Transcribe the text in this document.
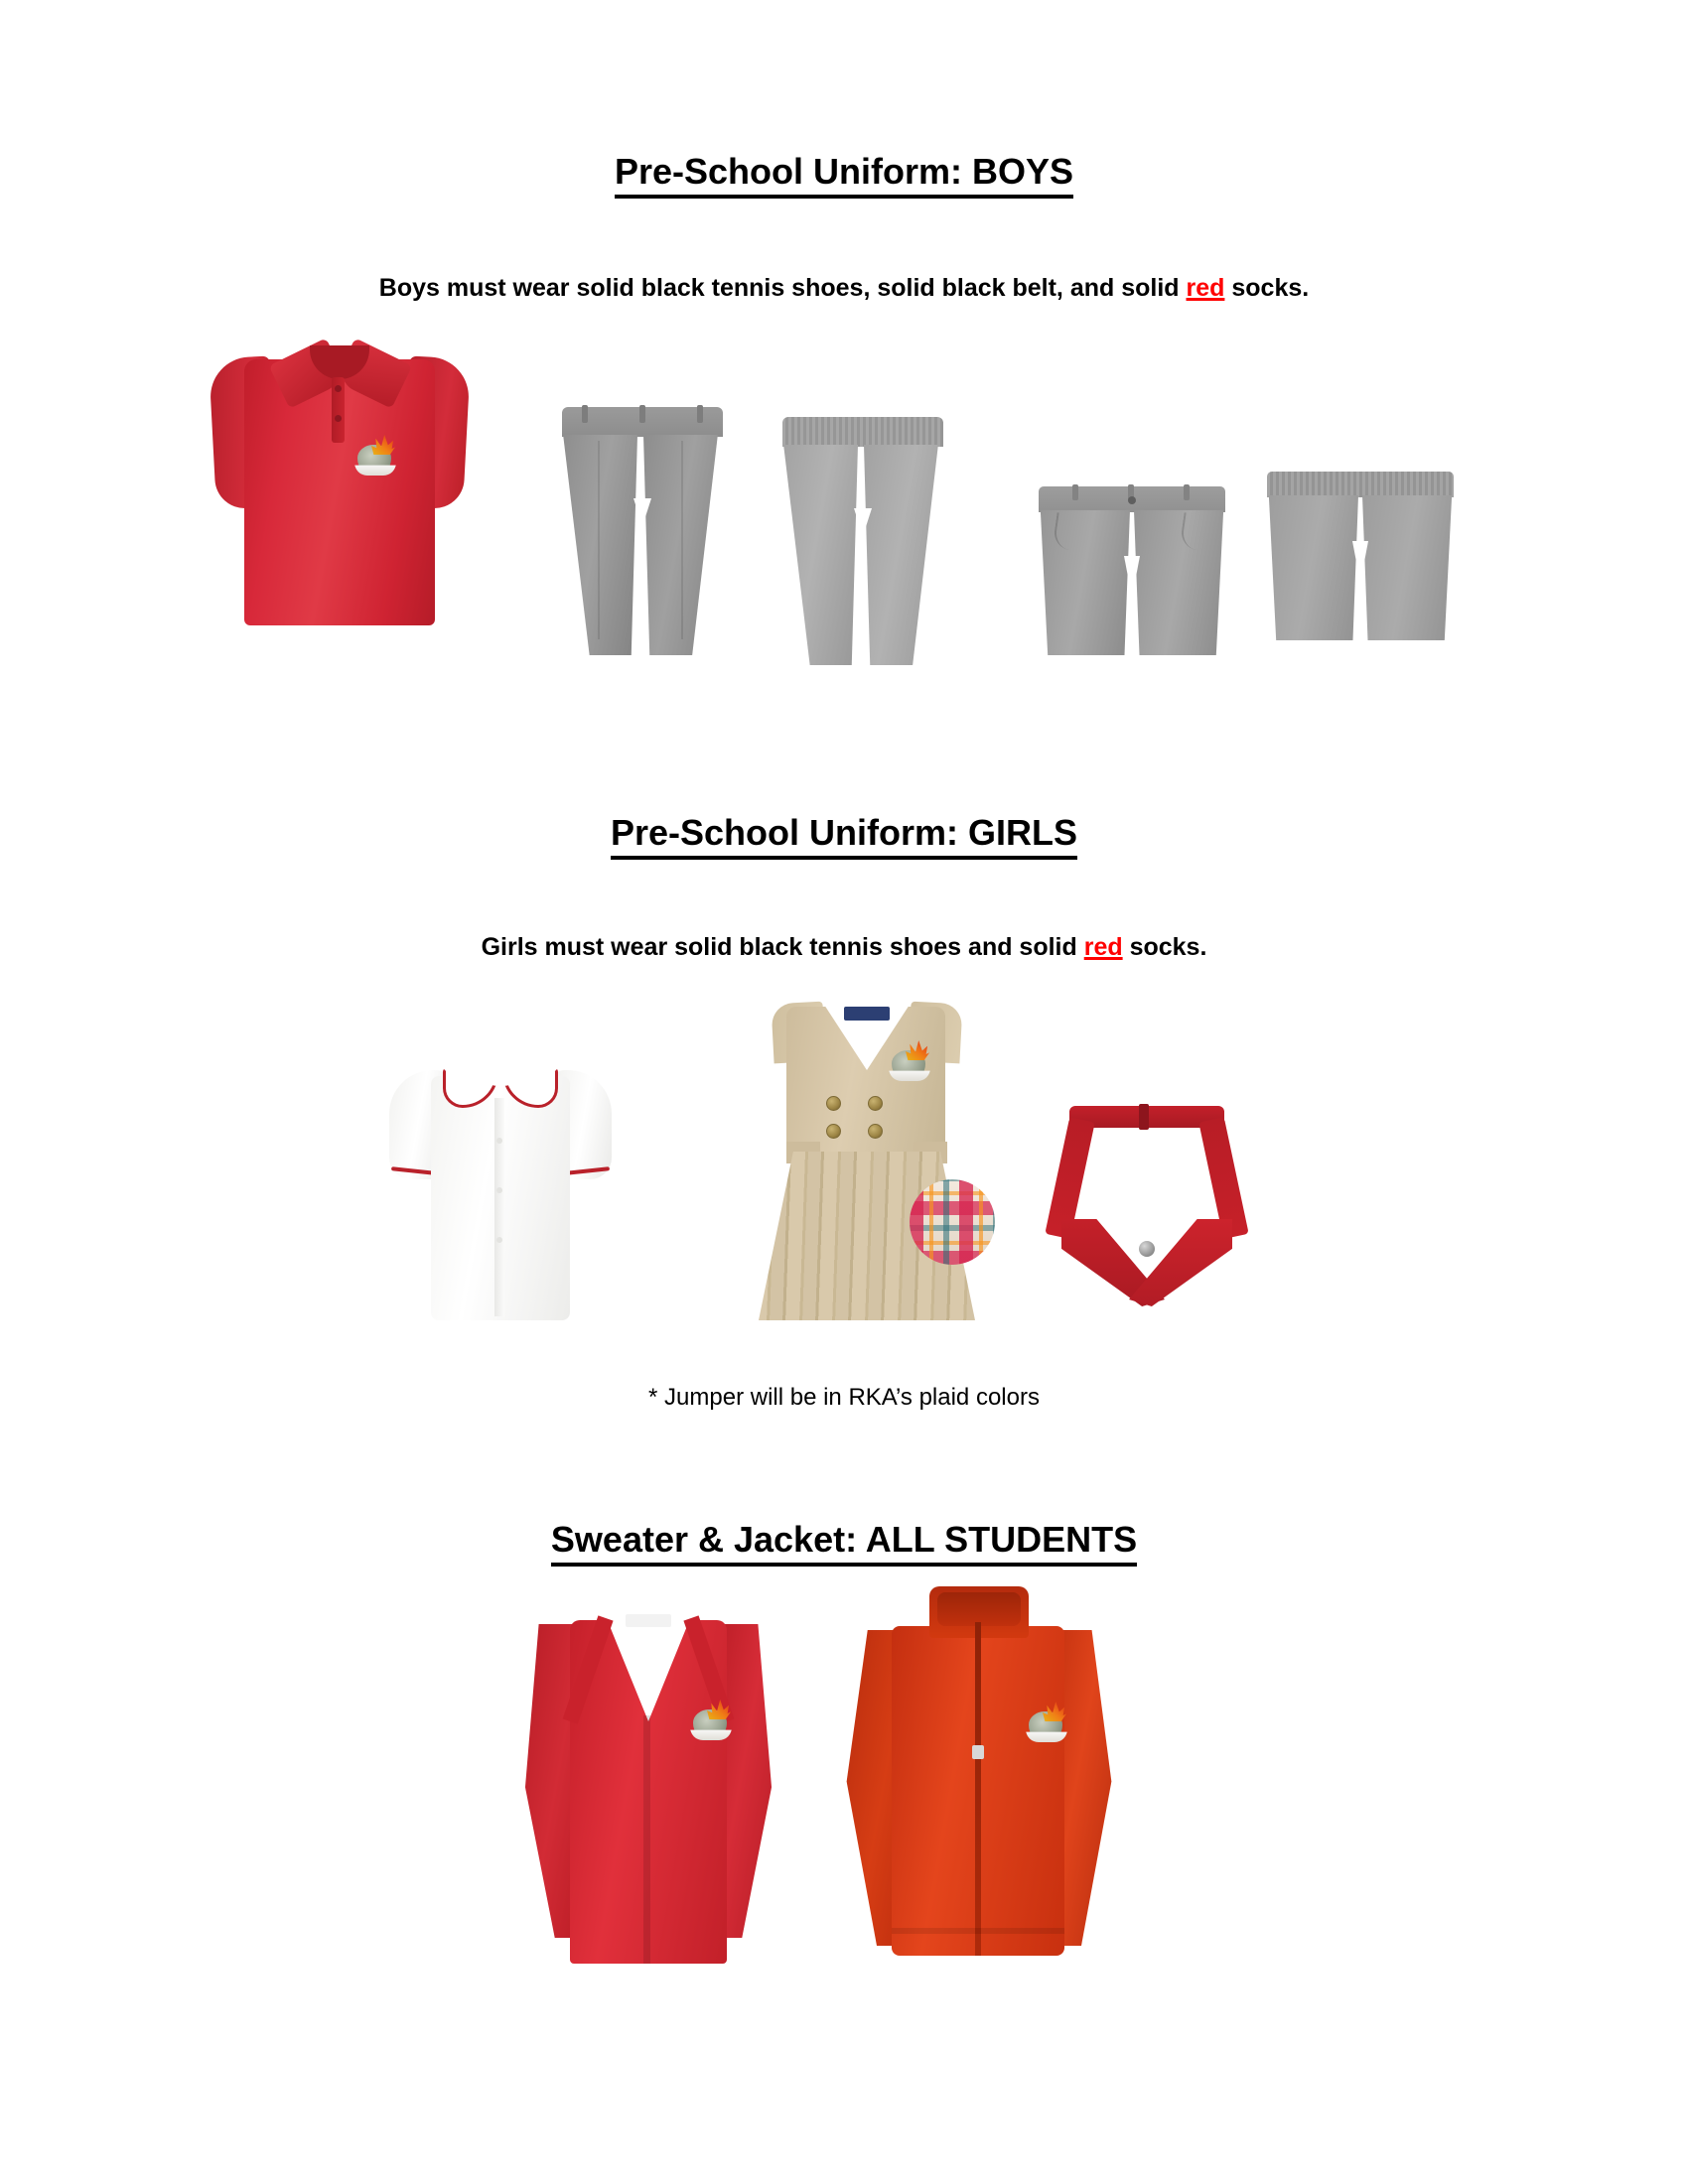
Pre-School Uniform: BOYS
Boys must wear solid black tennis shoes, solid black belt, and solid red socks.
Pre-School Uniform: GIRLS
Girls must wear solid black tennis shoes and solid red socks.
* Jumper will be in RKA’s plaid colors
Sweater & Jacket: ALL STUDENTS
